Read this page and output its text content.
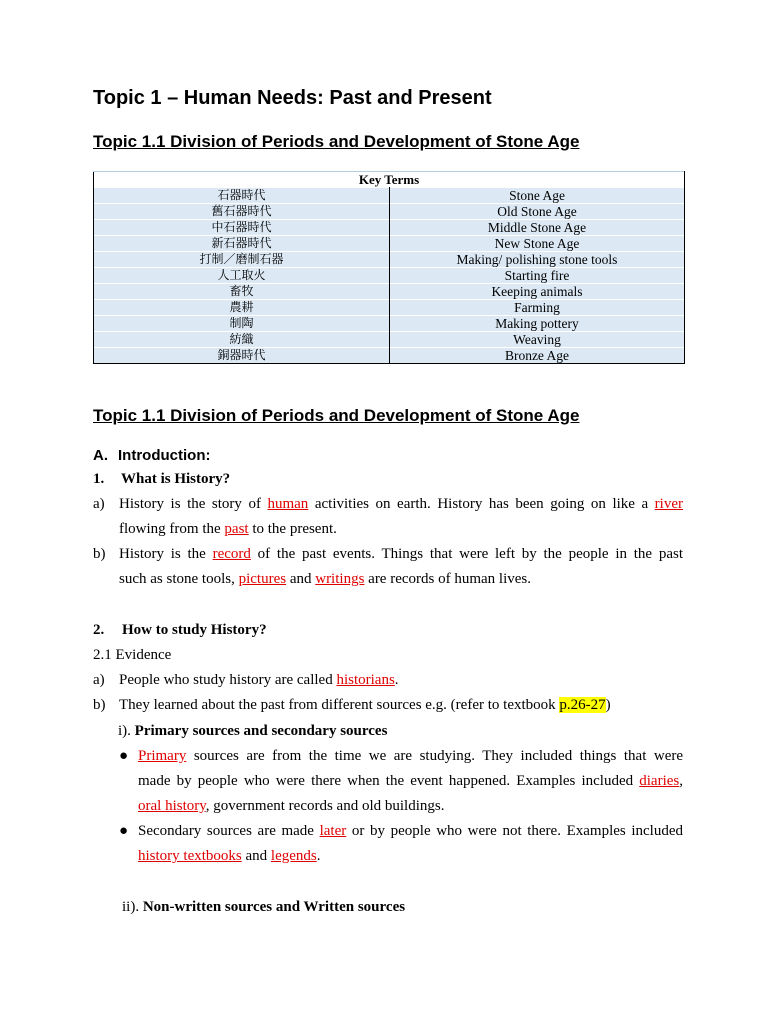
Topic 1 – Human Needs: Past and Present
Topic 1.1 Division of Periods and Development of Stone Age
Key Terms	
石器時代	Stone Age
舊石器時代	Old Stone Age
中石器時代	Middle Stone Age
新石器時代	New Stone Age
打制／磨制石器	Making/ polishing stone tools
人工取火	Starting fire
畜牧	Keeping animals
農耕	Farming
制陶	Making pottery
紡織	Weaving
銅器時代	Bronze Age
Topic 1.1 Division of Periods and Development of Stone Age
A. Introduction:
1. What is History?
a) History is the story of human activities on earth. History has been going on like a river
flowing from the past to the present.
b) History is the record of the past events. Things that were left by the people in the past
such as stone tools, pictures and writings are records of human lives.
2. How to study History?
2.1 Evidence
a) People who study history are called historians.
b) They learned about the past from different sources e.g. (refer to textbook p.26-27)
i). Primary sources and secondary sources
● Primary sources are from the time we are studying. They included things that were
made by people who were there when the event happened. Examples included diaries,
oral history, government records and old buildings.
● Secondary sources are made later or by people who were not there. Examples included
history textbooks and legends.
ii). Non-written sources and Written sources
